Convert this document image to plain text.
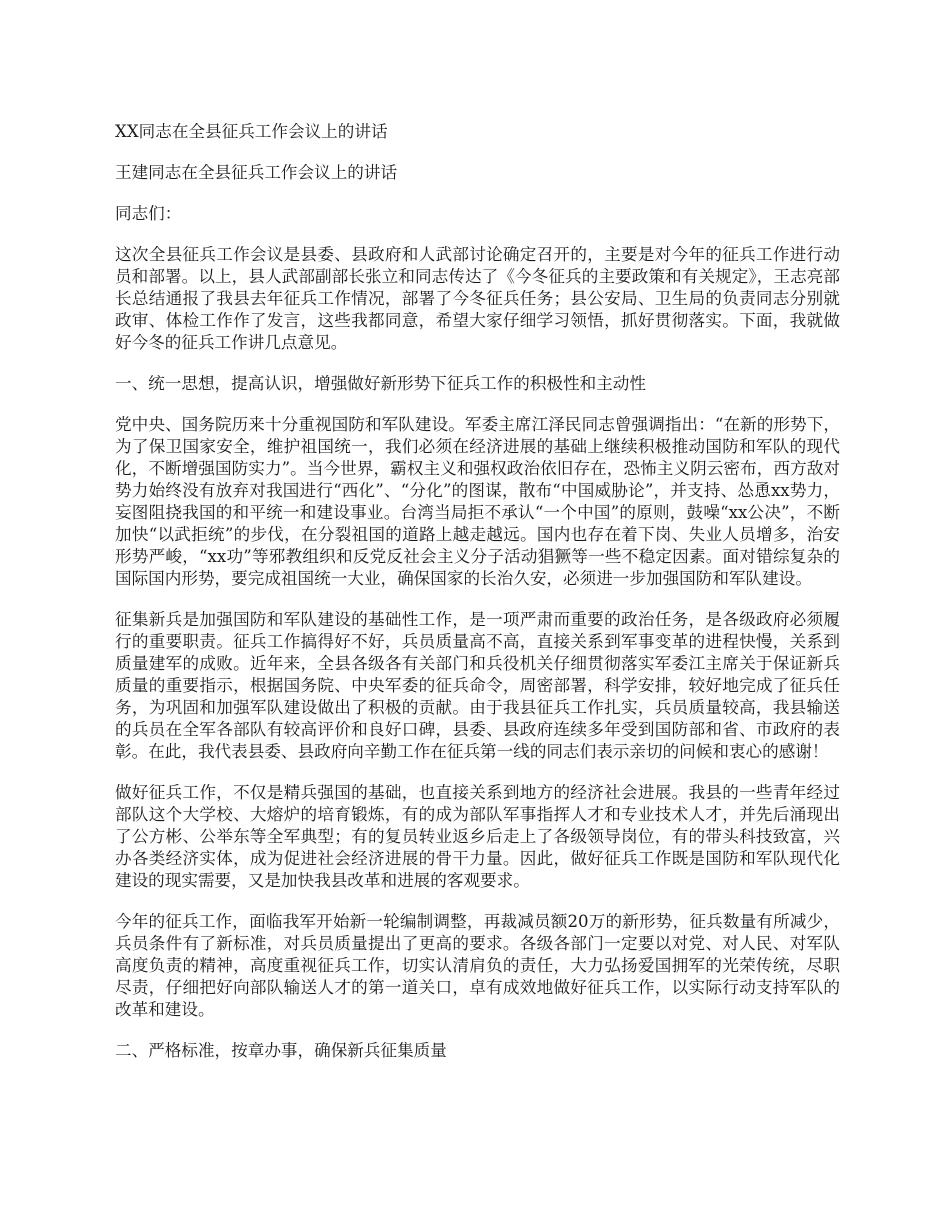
XX同志在全县征兵工作会议上的讲话
王建同志在全县征兵工作会议上的讲话
同志们：

这次全县征兵工作会议是县委、县政府和人武部讨论确定召开的，主要是对今年的征兵工作进行动员和部署。以上，县人武部副部长张立和同志传达了《今冬征兵的主要政策和有关规定》，王志亮部长总结通报了我县去年征兵工作情况，部署了今冬征兵任务；县公安局、卫生局的负责同志分别就政审、体检工作作了发言，这些我都同意，希望大家仔细学习领悟，抓好贯彻落实。下面，我就做好今冬的征兵工作讲几点意见。

一、统一思想，提高认识，增强做好新形势下征兵工作的积极性和主动性

党中央、国务院历来十分重视国防和军队建设。军委主席江泽民同志曾强调指出：“在新的形势下，为了保卫国家安全，维护祖国统一，我们必须在经济进展的基础上继续积极推动国防和军队的现代化，不断增强国防实力”。当今世界，霸权主义和强权政治依旧存在，恐怖主义阴云密布，西方敌对势力始终没有放弃对我国进行“西化”、“分化”的图谋，散布“中国威胁论”，并支持、怂恿xx势力，妄图阻挠我国的和平统一和建设事业。台湾当局拒不承认“一个中国”的原则，鼓噪“xx公决”，不断加快“以武拒统”的步伐，在分裂祖国的道路上越走越远。国内也存在着下岗、失业人员增多，治安形势严峻，“xx功”等邪教组织和反党反社会主义分子活动猖獗等一些不稳定因素。面对错综复杂的国际国内形势，要完成祖国统一大业，确保国家的长治久安，必须进一步加强国防和军队建设。

征集新兵是加强国防和军队建设的基础性工作，是一项严肃而重要的政治任务，是各级政府必须履行的重要职责。征兵工作搞得好不好，兵员质量高不高，直接关系到军事变革的进程快慢，关系到质量建军的成败。近年来，全县各级各有关部门和兵役机关仔细贯彻落实军委江主席关于保证新兵质量的重要指示，根据国务院、中央军委的征兵命令，周密部署，科学安排，较好地完成了征兵任务，为巩固和加强军队建设做出了积极的贡献。由于我县征兵工作扎实，兵员质量较高，我县输送的兵员在全军各部队有较高评价和良好口碑，县委、县政府连续多年受到国防部和省、市政府的表彰。在此，我代表县委、县政府向辛勤工作在征兵第一线的同志们表示亲切的问候和衷心的感谢！

做好征兵工作，不仅是精兵强国的基础，也直接关系到地方的经济社会进展。我县的一些青年经过部队这个大学校、大熔炉的培育锻炼，有的成为部队军事指挥人才和专业技术人才，并先后涌现出了公方彬、公举东等全军典型；有的复员转业返乡后走上了各级领导岗位，有的带头科技致富，兴办各类经济实体，成为促进社会经济进展的骨干力量。因此，做好征兵工作既是国防和军队现代化建设的现实需要，又是加快我县改革和进展的客观要求。

今年的征兵工作，面临我军开始新一轮编制调整，再裁减员额20万的新形势，征兵数量有所减少，兵员条件有了新标准，对兵员质量提出了更高的要求。各级各部门一定要以对党、对人民、对军队高度负责的精神，高度重视征兵工作，切实认清肩负的责任，大力弘扬爱国拥军的光荣传统，尽职尽责，仔细把好向部队输送人才的第一道关口，卓有成效地做好征兵工作，以实际行动支持军队的改革和建设。

二、严格标准，按章办事，确保新兵征集质量
